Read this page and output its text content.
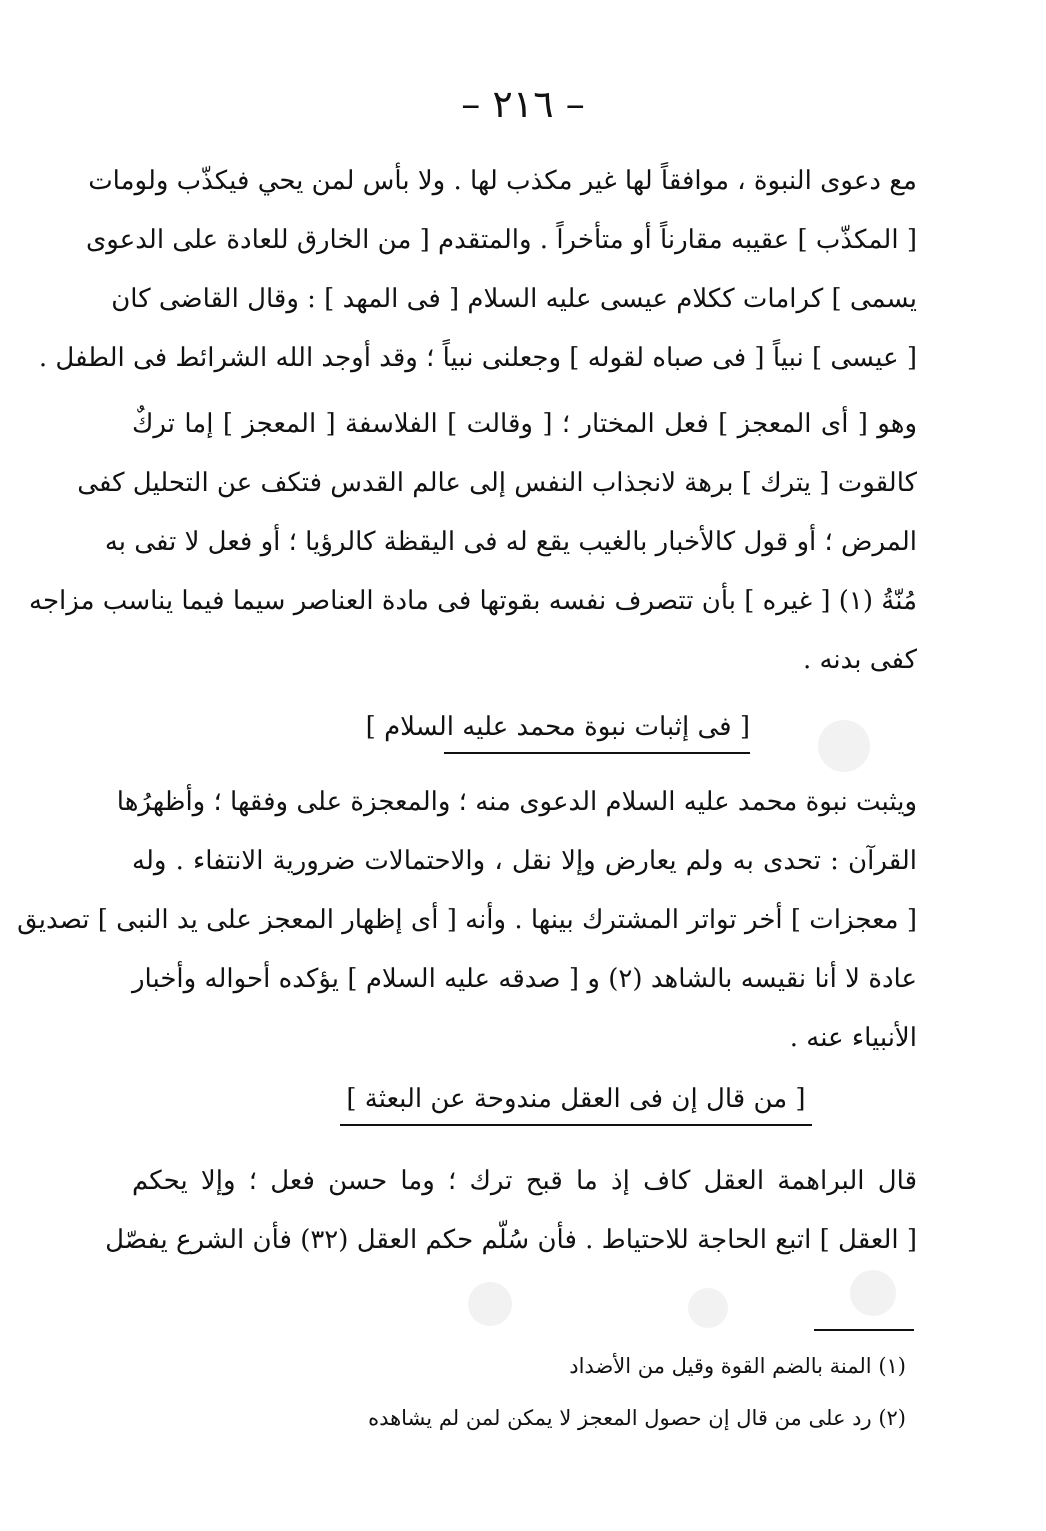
– ٢١٦ –
مع دعوى النبوة ، موافقاً لها غير مكذب لها . ولا بأس لمن يحي فيكذّب ولومات
[ المكذّب ] عقيبه مقارناً أو متأخراً . والمتقدم [ من الخارق للعادة على الدعوى
يسمى ] كرامات ككلام عيسى عليه السلام [ فى المهد ] : وقال القاضى كان
[ عيسى ] نبياً [ فى صباه لقوله ] وجعلنى نبياً ؛ وقد أوجد الله الشرائط فى الطفل .
وهو [ أى المعجز ] فعل المختار ؛ [ وقالت ] الفلاسفة [ المعجز ] إما تركٌ
كالقوت [ يترك ] برهة لانجذاب النفس إلى عالم القدس فتكف عن التحليل كفى
المرض ؛ أو قول كالأخبار بالغيب يقع له فى اليقظة كالرؤيا ؛ أو فعل لا تفى به
مُنّةُ (١) [ غيره ] بأن تتصرف نفسه بقوتها فى مادة العناصر سيما فيما يناسب مزاجه
كفى بدنه .
[ فى إثبات نبوة محمد عليه السلام ]
ويثبت نبوة محمد عليه السلام الدعوى منه ؛ والمعجزة على وفقها ؛ وأظهرُها
القرآن : تحدى به ولم يعارض وإلا نقل ، والاحتمالات ضرورية الانتفاء . وله
[ معجزات ] أخر تواتر المشترك بينها . وأنه [ أى إظهار المعجز على يد النبى ] تصديق
عادة لا أنا نقيسه بالشاهد (٢) و [ صدقه عليه السلام ] يؤكده أحواله وأخبار
الأنبياء عنه .
[ من قال إن فى العقل مندوحة عن البعثة ]
قال البراهمة العقل كاف إذ ما قبح ترك ؛ وما حسن فعل ؛ وإلا يحكم
[ العقل ] اتبع الحاجة للاحتياط . فأن سُلّم حكم العقل (٣٢) فأن الشرع يفصّل
(١) المنة بالضم القوة وقيل من الأضداد
(٢) رد على من قال إن حصول المعجز لا يمكن لمن لم يشاهده
